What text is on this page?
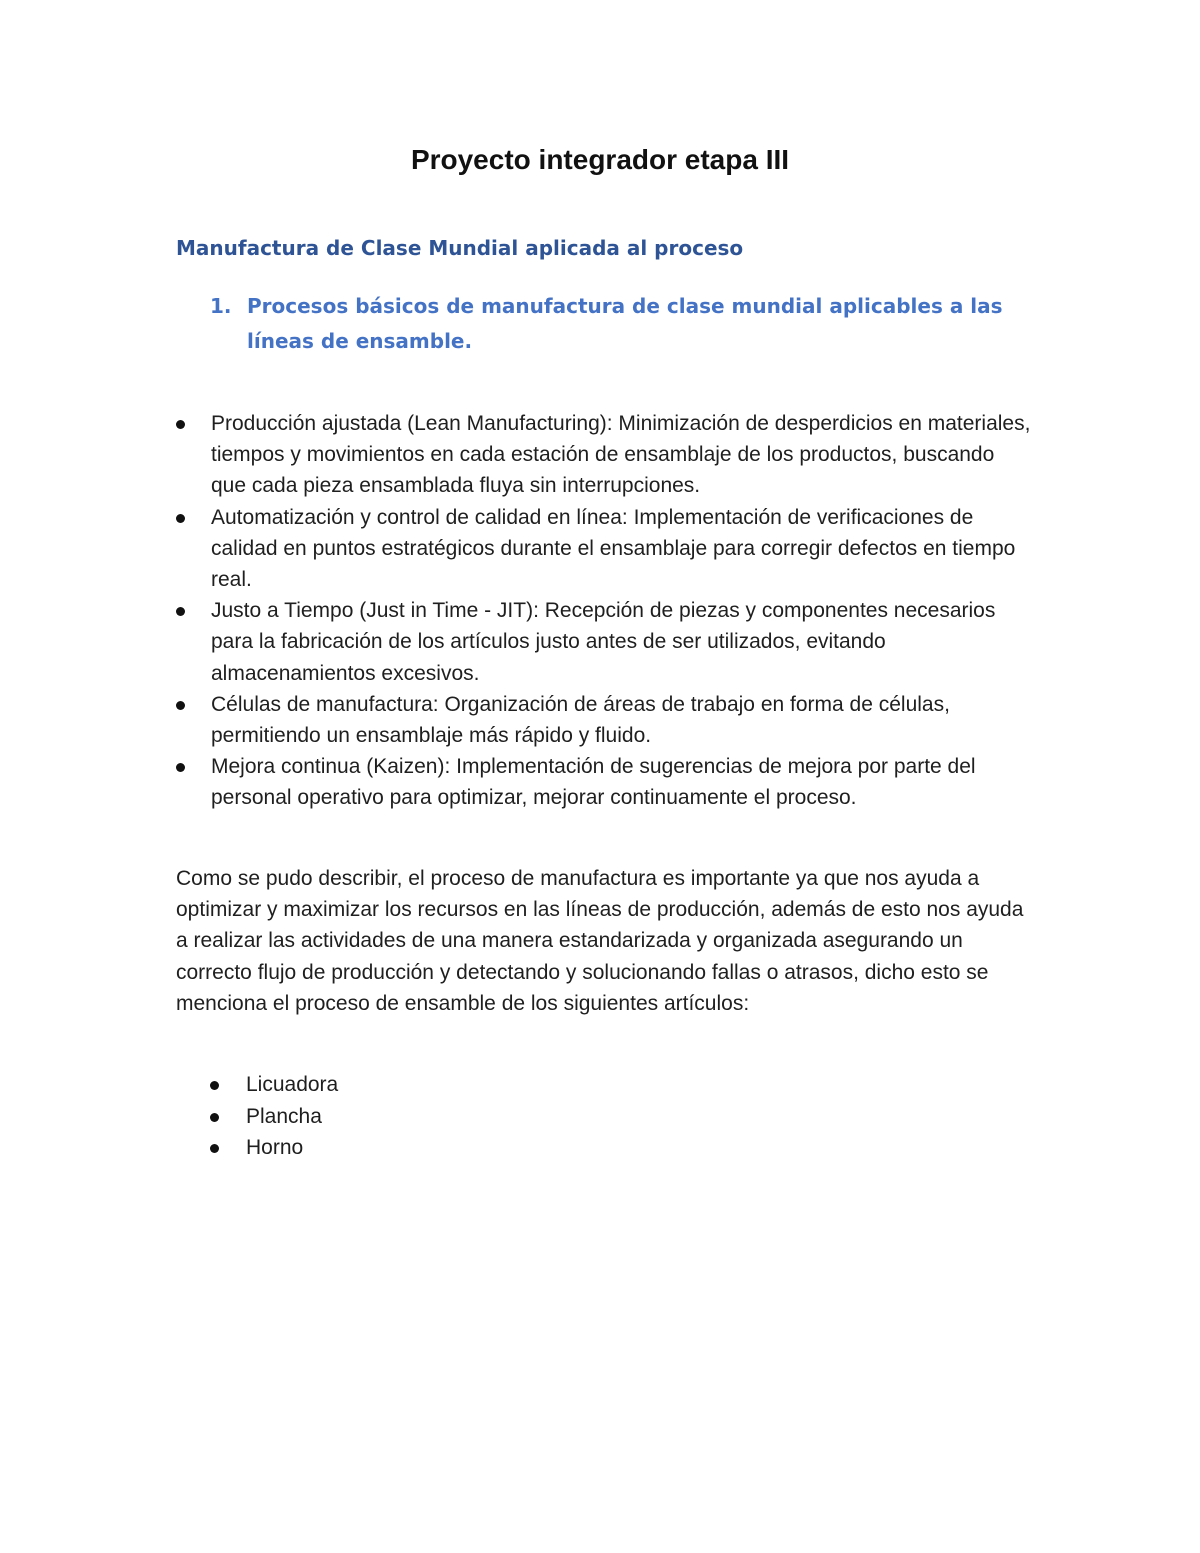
Proyecto integrador etapa III
Manufactura de Clase Mundial aplicada al proceso
1. Procesos básicos de manufactura de clase mundial aplicables a las líneas de ensamble.
Producción ajustada (Lean Manufacturing): Minimización de desperdicios en materiales, tiempos y movimientos en cada estación de ensamblaje de los productos, buscando que cada pieza ensamblada fluya sin interrupciones.
Automatización y control de calidad en línea: Implementación de verificaciones de calidad en puntos estratégicos durante el ensamblaje para corregir defectos en tiempo real.
Justo a Tiempo (Just in Time - JIT): Recepción de piezas y componentes necesarios para la fabricación de los artículos justo antes de ser utilizados, evitando almacenamientos excesivos.
Células de manufactura: Organización de áreas de trabajo en forma de células, permitiendo un ensamblaje más rápido y fluido.
Mejora continua (Kaizen): Implementación de sugerencias de mejora por parte del personal operativo para optimizar, mejorar continuamente el proceso.
Como se pudo describir, el proceso de manufactura es importante ya que nos ayuda a optimizar y maximizar los recursos en las líneas de producción, además de esto nos ayuda a realizar las actividades de una manera estandarizada y organizada asegurando un correcto flujo de producción y detectando y solucionando fallas o atrasos, dicho esto se menciona el proceso de ensamble de los siguientes artículos:
Licuadora
Plancha
Horno
